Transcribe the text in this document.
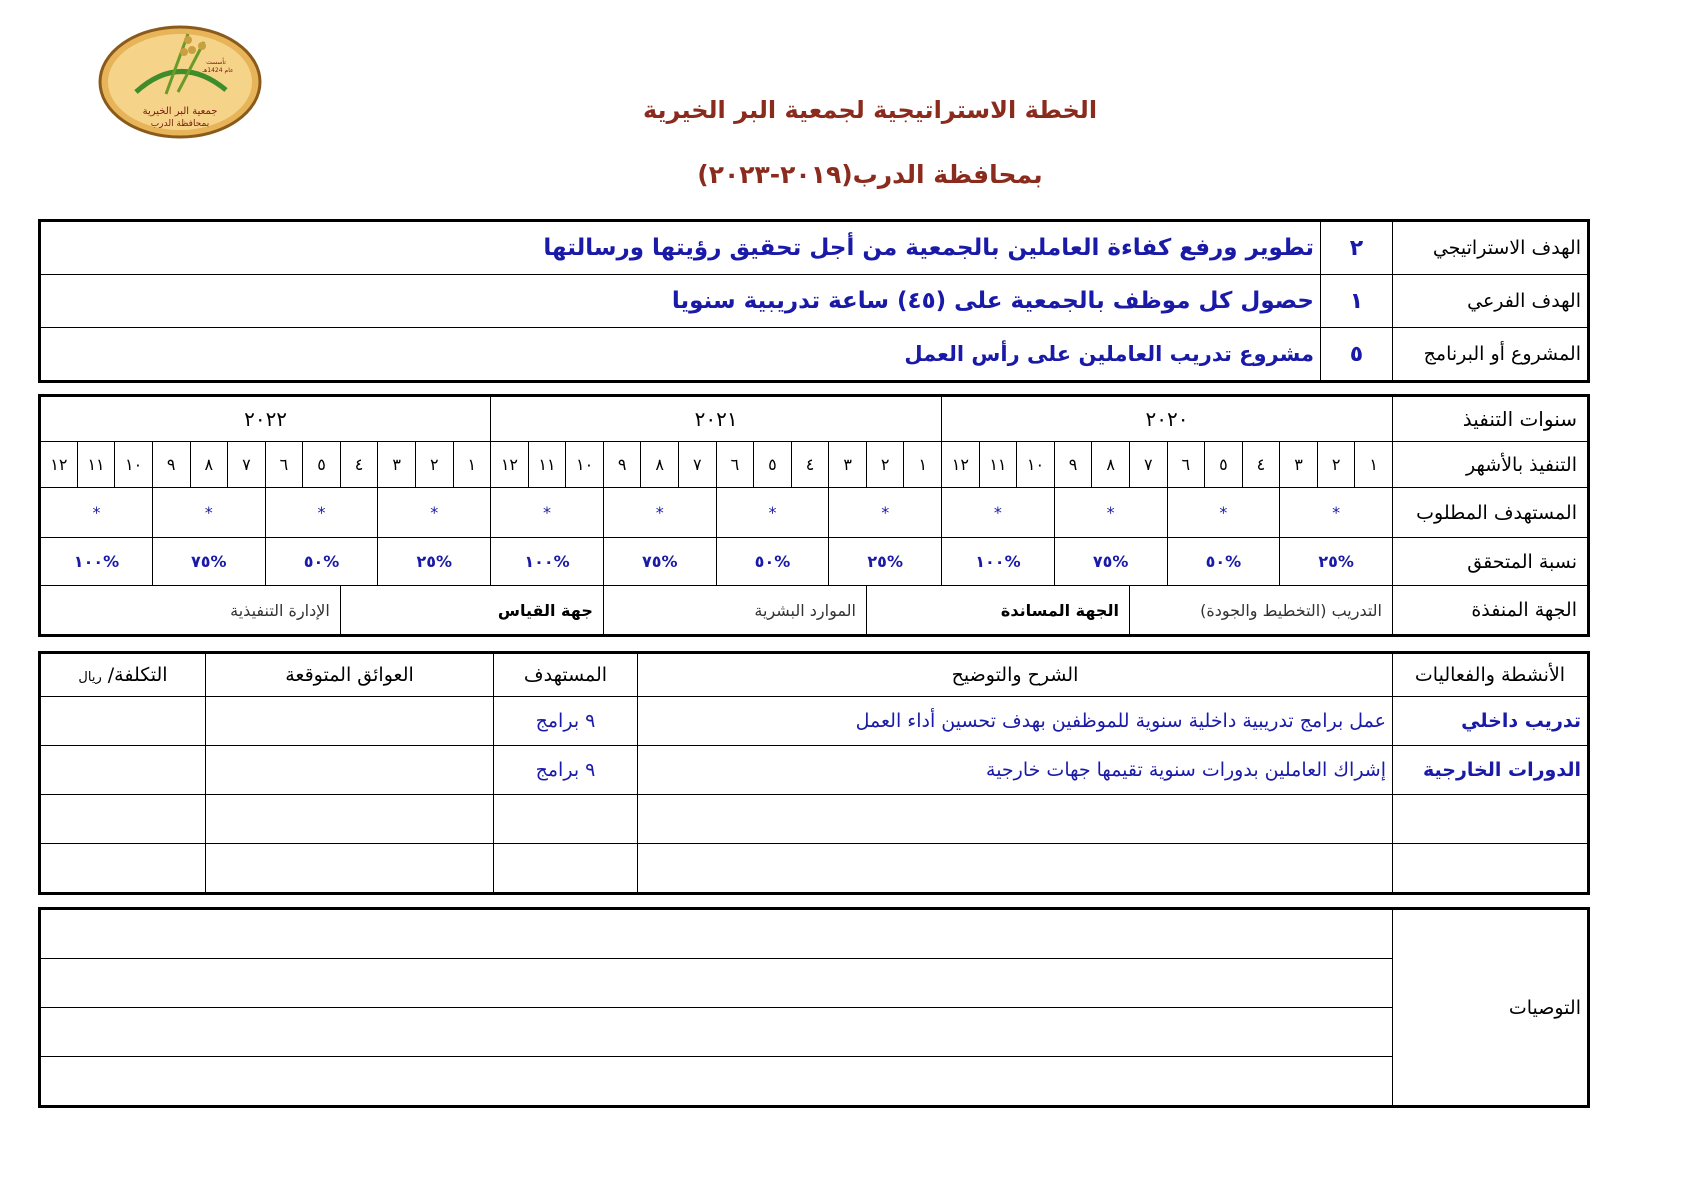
جمعية البر الخيرية
بمحافظة الدرب
تأسست
عام 1424هـ
الخطة الاستراتيجية لجمعية البر الخيرية
بمحافظة الدرب(٢٠١٩-٢٠٢٣)
الهدف الاستراتيجي	٢	تطوير ورفع كفاءة العاملين بالجمعية من أجل تحقيق رؤيتها ورسالتها
الهدف الفرعي	١	حصول كل موظف بالجمعية على (٤٥) ساعة تدريبية سنويا
المشروع أو البرنامج	٥	مشروع تدريب العاملين على رأس العمل
سنوات التنفيذ	٢٠٢٠												٢٠٢١												٢٠٢٢											
التنفيذ بالأشهر	١	٢	٣	٤	٥	٦	٧	٨	٩	١٠	١١	١٢	١	٢	٣	٤	٥	٦	٧	٨	٩	١٠	١١	١٢	١	٢	٣	٤	٥	٦	٧	٨	٩	١٠	١١	١٢
المستهدف المطلوب	*			*			*			*			*			*			*			*			*			*			*			*		
نسبة المتحقق	%٢٥			%٥٠			%٧٥			%١٠٠			%٢٥			%٥٠			%٧٥			%١٠٠			%٢٥			%٥٠			%٧٥			%١٠٠		
الجهة المنفذة	التدريب (التخطيط والجودة)							الجهة المساندة							الموارد البشرية							جهة القياس							الإدارة التنفيذية							
الأنشطة والفعاليات	الشرح والتوضيح	المستهدف	العوائق المتوقعة	التكلفة/ ريال
تدريب داخلي	عمل برامج تدريبية داخلية سنوية للموظفين بهدف تحسين أداء العمل	٩ برامج		
الدورات الخارجية	إشراك العاملين بدورات سنوية تقيمها جهات خارجية	٩ برامج		

التوصيات	
